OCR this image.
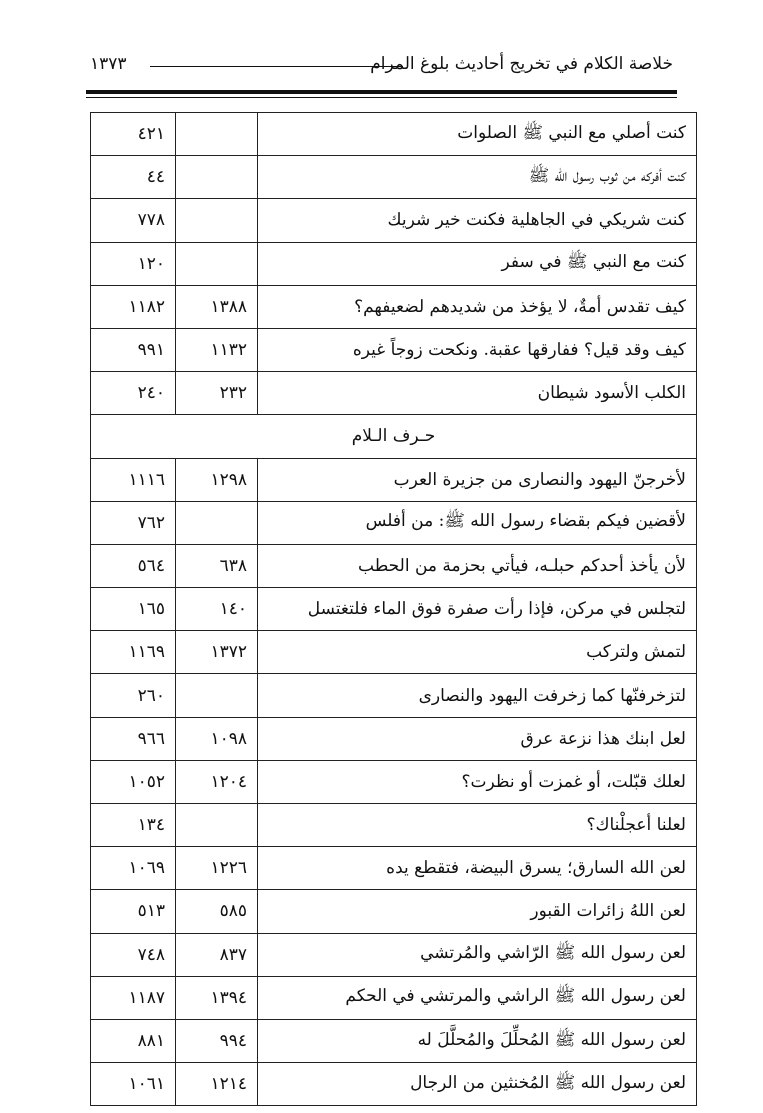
خلاصة الكلام في تخريج أحاديث بلوغ المرام
١٣٧٣
كنت أصلي مع النبي ﷺ الصلوات		٤٢١
كنت أفركه من ثوب رسول الله ﷺ		٤٤
كنت شريكي في الجاهلية فكنت خير شريك		٧٧٨
كنت مع النبي ﷺ في سفر		١٢٠
كيف تقدس أمةٌ، لا يؤخذ من شديدهم لضعيفهم؟	١٣٨٨	١١٨٢
كيف وقد قيل؟ ففارقها عقبة. ونكحت زوجاً غيره	١١٣٢	٩٩١
الكلب الأسود شيطان	٢٣٢	٢٤٠
حـرف الـلام		
لأخرجنّ اليهود والنصارى من جزيرة العرب	١٢٩٨	١١١٦
لأقضين فيكم بقضاء رسول الله ﷺ: من أفلس		٧٦٢
لأن يأخذ أحدكم حبلـه، فيأتي بحزمة من الحطب	٦٣٨	٥٦٤
لتجلس في مركن، فإذا رأت صفرة فوق الماء فلتغتسل	١٤٠	١٦٥
لتمش ولتركب	١٣٧٢	١١٦٩
لتزخرفنّها كما زخرفت اليهود والنصارى		٢٦٠
لعل ابنك هذا نزعة عرق	١٠٩٨	٩٦٦
لعلك قبّلت، أو غمزت أو نظرت؟	١٢٠٤	١٠٥٢
لعلنا أعجلْناك؟		١٣٤
لعن الله السارق؛ يسرق البيضة، فتقطع يده	١٢٢٦	١٠٦٩
لعن اللهُ زائرات القبور	٥٨٥	٥١٣
لعن رسول الله ﷺ الرّاشي والمُرتشي	٨٣٧	٧٤٨
لعن رسول الله ﷺ الراشي والمرتشي في الحكم	١٣٩٤	١١٨٧
لعن رسول الله ﷺ المُحلِّلَ والمُحلَّلَ له	٩٩٤	٨٨١
لعن رسول الله ﷺ المُخنثين من الرجال	١٢١٤	١٠٦١
